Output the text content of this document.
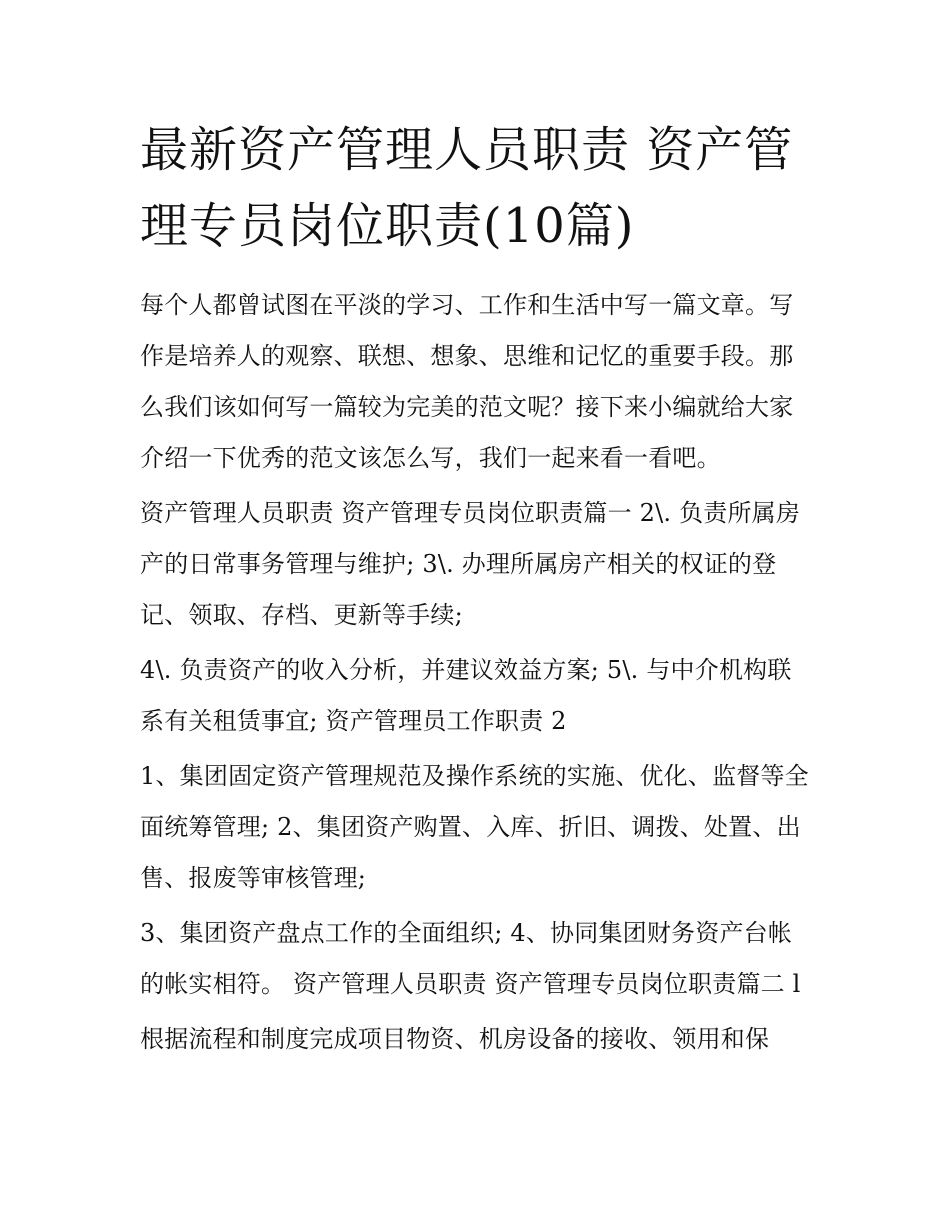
最新资产管理人员职责 资产管理专员岗位职责(10篇)

每个人都曾试图在平淡的学习、工作和生活中写一篇文章。写作是培养人的观察、联想、想象、思维和记忆的重要手段。那么我们该如何写一篇较为完美的范文呢？接下来小编就给大家介绍一下优秀的范文该怎么写，我们一起来看一看吧。

资产管理人员职责 资产管理专员岗位职责篇一 2\. 负责所属房产的日常事务管理与维护; 3\. 办理所属房产相关的权证的登记、领取、存档、更新等手续;

4\. 负责资产的收入分析，并建议效益方案; 5\. 与中介机构联系有关租赁事宜; 资产管理员工作职责 2

1、集团固定资产管理规范及操作系统的实施、优化、监督等全面统筹管理; 2、集团资产购置、入库、折旧、调拨、处置、出售、报废等审核管理;

3、集团资产盘点工作的全面组织; 4、协同集团财务资产台帐的帐实相符。 资产管理人员职责 资产管理专员岗位职责篇二 l

根据流程和制度完成项目物资、机房设备的接收、领用和保
